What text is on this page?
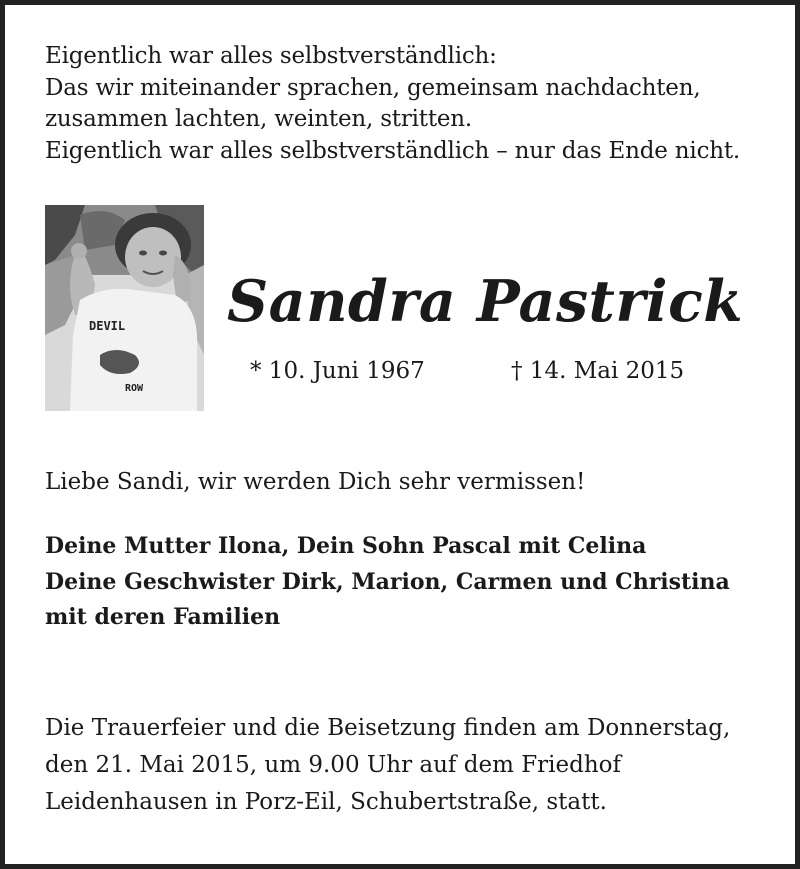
Eigentlich war alles selbstverständlich:
Das wir miteinander sprachen, gemeinsam nachdachten,
zusammen lachten, weinten, stritten.
Eigentlich war alles selbstverständlich – nur das Ende nicht.
DEVIL
ROW
Sandra Pastrick
* 10. Juni 1967	† 14. Mai 2015
Liebe Sandi, wir werden Dich sehr vermissen!
Deine Mutter Ilona, Dein Sohn Pascal mit Celina
Deine Geschwister Dirk, Marion, Carmen und Christina
mit deren Familien
Die Trauerfeier und die Beisetzung finden am Donnerstag,
den 21. Mai 2015, um 9.00 Uhr auf dem Friedhof
Leidenhausen in Porz-Eil, Schubertstraße, statt.
